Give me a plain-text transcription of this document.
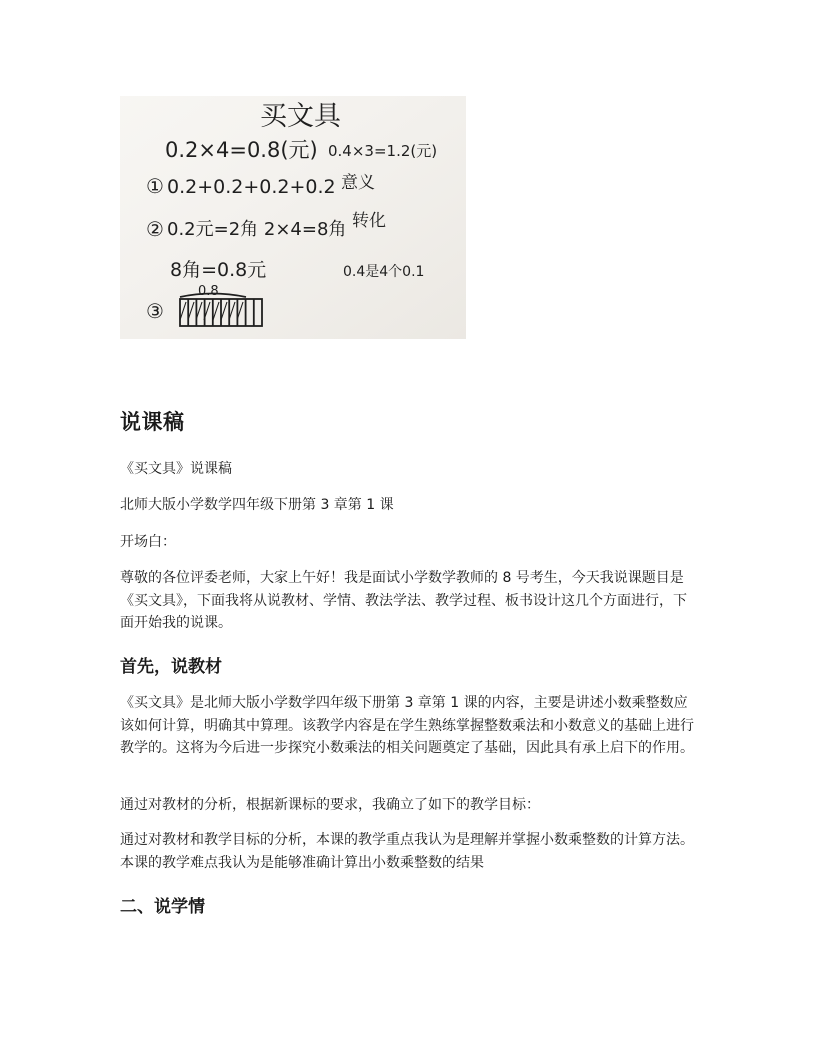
买文具
0.2×4=0.8(元) 0.4×3=1.2(元)
① 0.2+0.2+0.2+0.2 意义
② 0.2元=2角 2×4=8角 转化
8角=0.8元	0.4是4个0.1
③
0.8
说课稿

《买文具》说课稿

北师大版小学数学四年级下册第 3 章第 1 课

开场白：

尊敬的各位评委老师，大家上午好！我是面试小学数学教师的 8 号考生，今天我说课题目是《买文具》，下面我将从说教材、学情、教法学法、教学过程、板书设计这几个方面进行，下面开始我的说课。

首先，说教材

《买文具》是北师大版小学数学四年级下册第 3 章第 1 课的内容，主要是讲述小数乘整数应该如何计算，明确其中算理。该教学内容是在学生熟练掌握整数乘法和小数意义的基础上进行教学的。这将为今后进一步探究小数乘法的相关问题奠定了基础，因此具有承上启下的作用。

通过对教材的分析，根据新课标的要求，我确立了如下的教学目标：

通过对教材和教学目标的分析，本课的教学重点我认为是理解并掌握小数乘整数的计算方法。本课的教学难点我认为是能够准确计算出小数乘整数的结果

二、说学情
